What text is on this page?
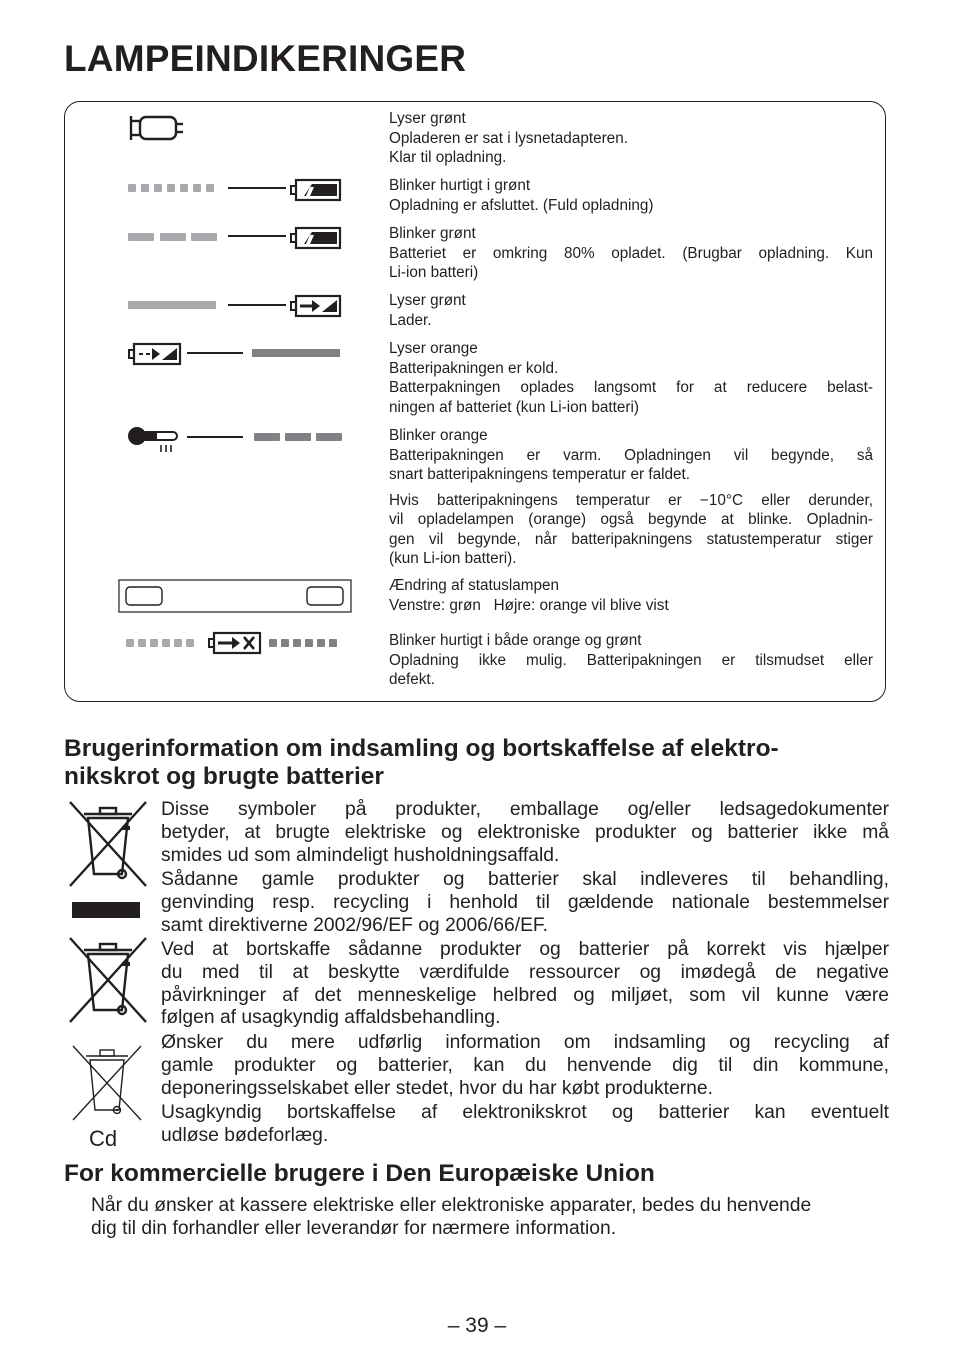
LAMPEINDIKERINGER
Lyser grønt
Opladeren er sat i lysnetadapteren.
Klar til opladning.
Blinker hurtigt i grønt
Opladning er afsluttet. (Fuld opladning)
Blinker grønt
Batteriet er omkring 80% opladet. (Brugbar opladning. Kun
Li-ion batteri)
Lyser grønt
Lader.
Lyser orange
Batteripakningen er kold.
Batterpakningen oplades langsomt for at reducere belast-
ningen af batteriet (kun Li-ion batteri)
Blinker orange
Batteripakningen er varm. Opladningen vil begynde, så
snart batteripakningens temperatur er faldet.
Hvis batteripakningens temperatur er −10°C eller derunder,
vil opladelampen (orange) også begynde at blinke. Opladnin-
gen vil begynde, når batteripakningens statustemperatur stiger
(kun Li-ion batteri).
Ændring af statuslampen
Venstre: grøn   Højre: orange vil blive vist
Blinker hurtigt i både orange og grønt
Opladning ikke mulig. Batteripakningen er tilsmudset eller
defekt.
Brugerinformation om indsamling og bortskaffelse af elektro-
nikskrot og brugte batterier
Cd
Disse symboler på produkter, emballage og/eller ledsagedokumenter
betyder, at brugte elektriske og elektroniske produkter og batterier ikke må
smides ud som almindeligt husholdningsaffald.
Sådanne gamle produkter og batterier skal indleveres til behandling,
genvinding resp. recycling i henhold til gældende nationale bestemmelser
samt direktiverne 2002/96/EF og 2006/66/EF.
Ved at bortskaffe sådanne produkter og batterier på korrekt vis hjælper
du med til at beskytte værdifulde ressourcer og imødegå de negative
påvirkninger af det menneskelige helbred og miljøet, som vil kunne være
følgen af usagkyndig affaldsbehandling.
Ønsker du mere udførlig information om indsamling og recycling af
gamle produkter og batterier, kan du henvende dig til din kommune,
deponeringsselskabet eller stedet, hvor du har købt produkterne.
Usagkyndig bortskaffelse af elektronikskrot og batterier kan eventuelt
udløse bødeforlæg.
For kommercielle brugere i Den Europæiske Union
Når du ønsker at kassere elektriske eller elektroniske apparater, bedes du henvende
dig til din forhandler eller leverandør for nærmere information.
– 39 –
